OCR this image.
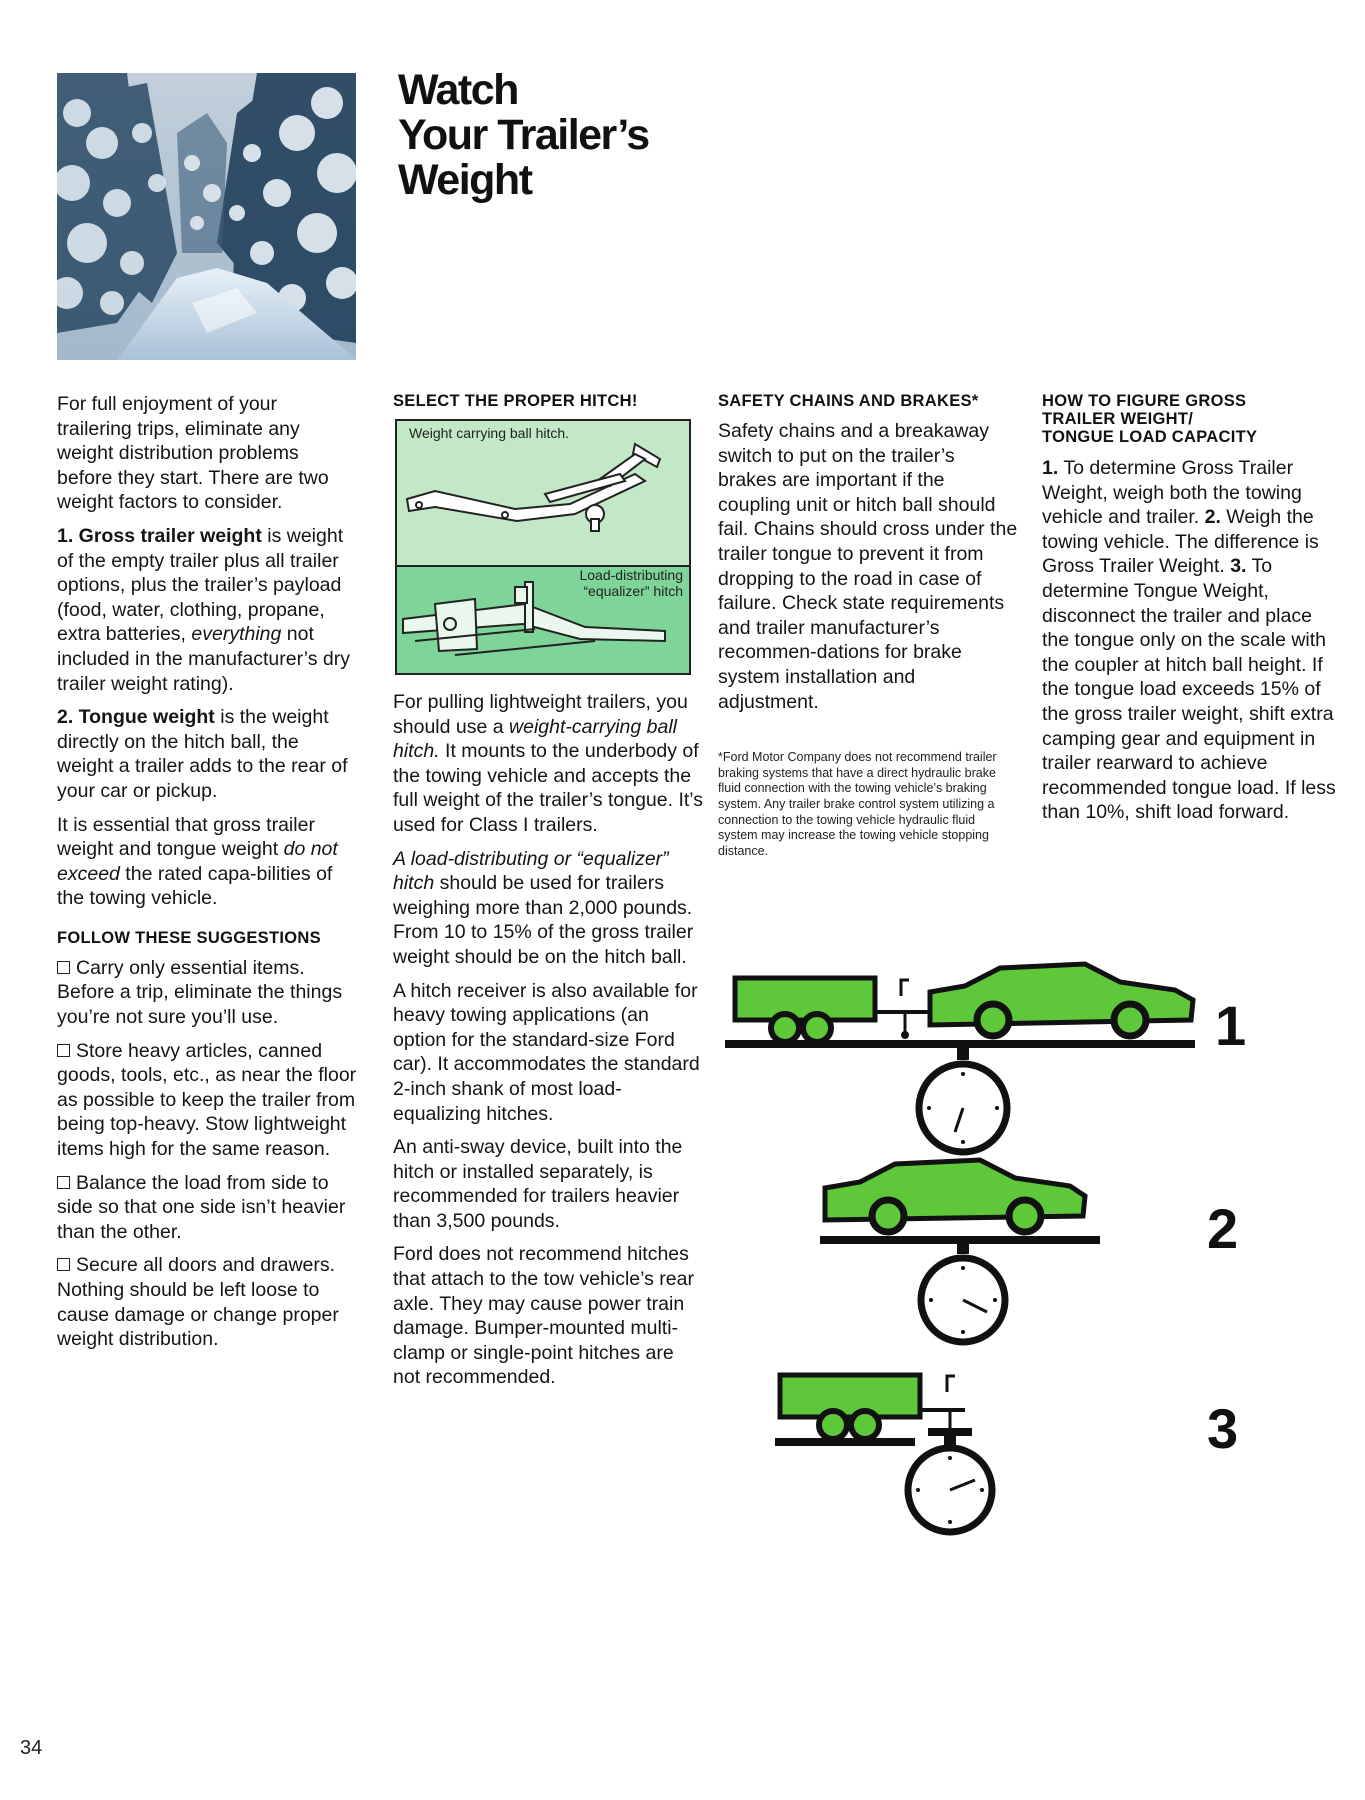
Watch
Your Trailer’s
Weight

For full enjoyment of your trailering trips, eliminate any weight distribution problems before they start. There are two weight factors to consider.

1. Gross trailer weight is weight of the empty trailer plus all trailer options, plus the trailer’s payload (food, water, clothing, propane, extra batteries, everything not included in the manufacturer’s dry trailer weight rating).

2. Tongue weight is the weight directly on the hitch ball, the weight a trailer adds to the rear of your car or pickup.

It is essential that gross trailer weight and tongue weight do not exceed the rated capa-bilities of the towing vehicle.

FOLLOW THESE SUGGESTIONS

Carry only essential items. Before a trip, eliminate the things you’re not sure you’ll use.

Store heavy articles, canned goods, tools, etc., as near the floor as possible to keep the trailer from being top-heavy. Stow lightweight items high for the same reason.

Balance the load from side to side so that one side isn’t heavier than the other.

Secure all doors and drawers. Nothing should be left loose to cause damage or change proper weight distribution.

SELECT THE PROPER HITCH!

Weight carrying ball hitch.
Load-distributing
“equalizer” hitch

For pulling lightweight trailers, you should use a weight-carrying ball hitch. It mounts to the underbody of the towing vehicle and accepts the full weight of the trailer’s tongue. It’s used for Class I trailers.

A load-distributing or “equalizer” hitch should be used for trailers weighing more than 2,000 pounds. From 10 to 15% of the gross trailer weight should be on the hitch ball.

A hitch receiver is also available for heavy towing applications (an option for the standard-size Ford car). It accommodates the standard 2-inch shank of most load-equalizing hitches.

An anti-sway device, built into the hitch or installed separately, is recommended for trailers heavier than 3,500 pounds.

Ford does not recommend hitches that attach to the tow vehicle’s rear axle. They may cause power train damage. Bumper-mounted multi-clamp or single-point hitches are not recommended.

SAFETY CHAINS AND BRAKES*

Safety chains and a breakaway switch to put on the trailer’s brakes are important if the coupling unit or hitch ball should fail. Chains should cross under the trailer tongue to prevent it from dropping to the road in case of failure. Check state requirements and trailer manufacturer’s recommen-dations for brake system installation and adjustment.

*Ford Motor Company does not recommend trailer braking systems that have a direct hydraulic brake fluid connection with the towing vehicle’s braking system. Any trailer brake control system utilizing a connection to the towing vehicle hydraulic fluid system may increase the towing vehicle stopping distance.

HOW TO FIGURE GROSS
TRAILER WEIGHT/
TONGUE LOAD CAPACITY

1. To determine Gross Trailer Weight, weigh both the towing vehicle and trailer. 2. Weigh the towing vehicle. The difference is Gross Trailer Weight. 3. To determine Tongue Weight, disconnect the trailer and place the tongue only on the scale with the coupler at hitch ball height. If the tongue load exceeds 15% of the gross trailer weight, shift extra camping gear and equipment in trailer rearward to achieve recommended tongue load. If less than 10%, shift load forward.

1
2
3
34
